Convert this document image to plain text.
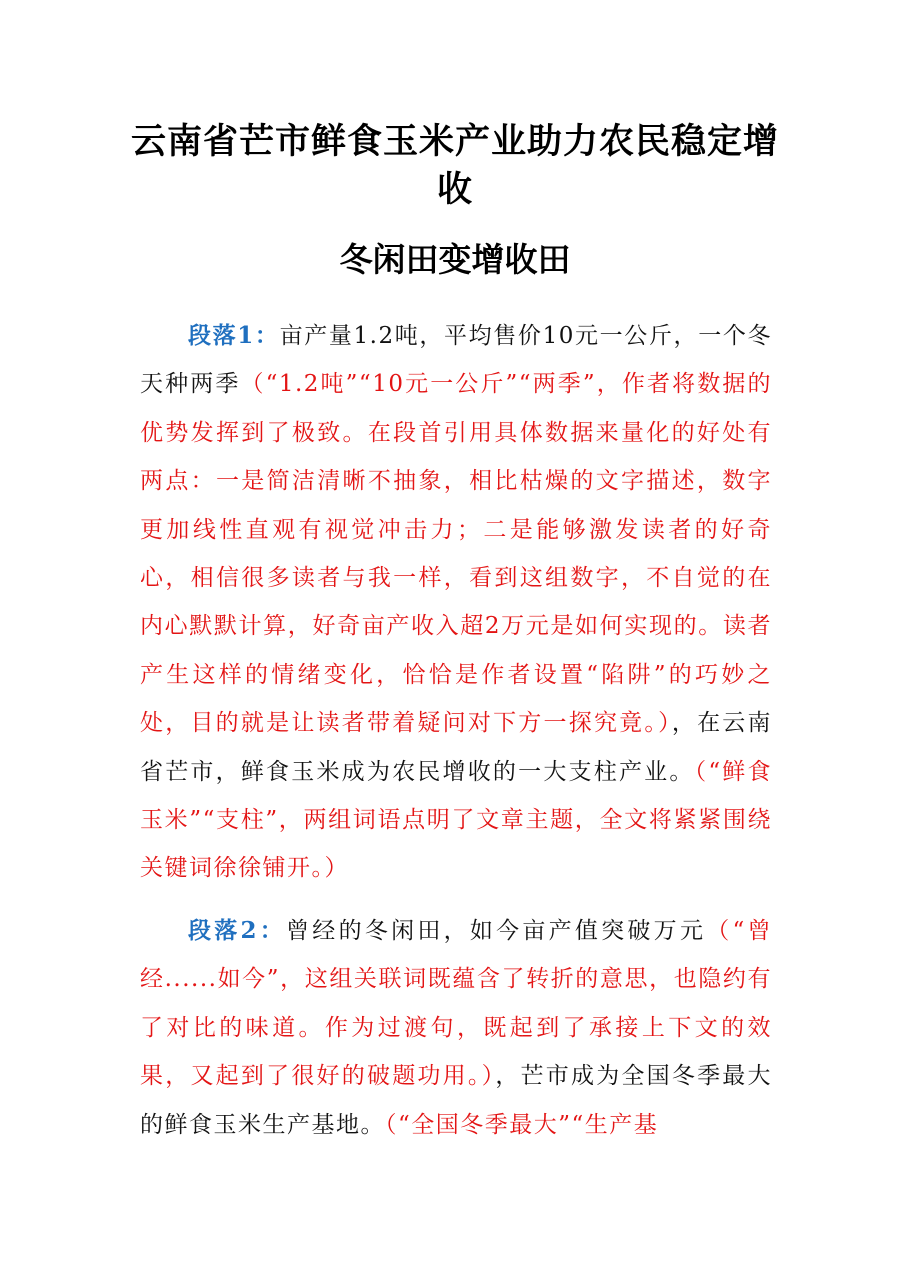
云南省芒市鲜食玉米产业助力农民稳定增收
冬闲田变增收田
段落1：亩产量1.2吨，平均售价10元一公斤，一个冬天种两季（“1.2吨”“10元一公斤”“两季”，作者将数据的优势发挥到了极致。在段首引用具体数据来量化的好处有两点：一是简洁清晰不抽象，相比枯燥的文字描述，数字更加线性直观有视觉冲击力；二是能够激发读者的好奇心，相信很多读者与我一样，看到这组数字，不自觉的在内心默默计算，好奇亩产收入超2万元是如何实现的。读者产生这样的情绪变化，恰恰是作者设置“陷阱”的巧妙之处，目的就是让读者带着疑问对下方一探究竟。），在云南省芒市，鲜食玉米成为农民增收的一大支柱产业。（“鲜食玉米”“支柱”，两组词语点明了文章主题，全文将紧紧围绕关键词徐徐铺开。）
段落2：曾经的冬闲田，如今亩产值突破万元（“曾经......如今”，这组关联词既蕴含了转折的意思，也隐约有了对比的味道。作为过渡句，既起到了承接上下文的效果，又起到了很好的破题功用。），芒市成为全国冬季最大的鲜食玉米生产基地。（“全国冬季最大”“生产基
